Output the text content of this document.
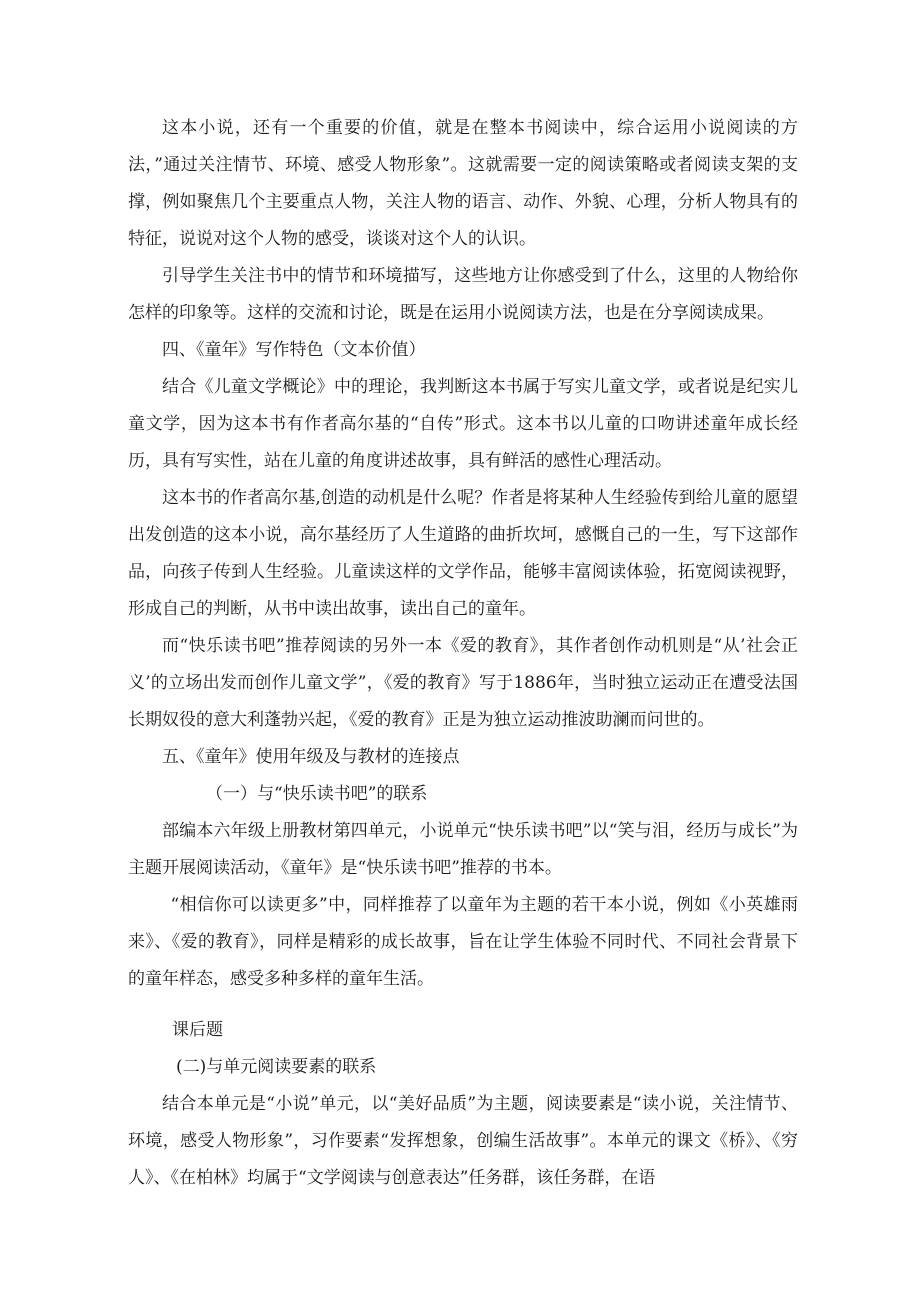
这本小说，还有一个重要的价值，就是在整本书阅读中，综合运用小说阅读的方法，”通过关注情节、环境、感受人物形象”。这就需要一定的阅读策略或者阅读支架的支撑，例如聚焦几个主要重点人物，关注人物的语言、动作、外貌、心理，分析人物具有的特征，说说对这个人物的感受，谈谈对这个人的认识。

引导学生关注书中的情节和环境描写，这些地方让你感受到了什么，这里的人物给你怎样的印象等。这样的交流和讨论，既是在运用小说阅读方法，也是在分享阅读成果。

四、《童年》写作特色（文本价值）

结合《儿童文学概论》中的理论，我判断这本书属于写实儿童文学，或者说是纪实儿童文学，因为这本书有作者高尔基的“自传”形式。这本书以儿童的口吻讲述童年成长经历，具有写实性，站在儿童的角度讲述故事，具有鲜活的感性心理活动。

这本书的作者高尔基,创造的动机是什么呢？作者是将某种人生经验传到给儿童的愿望出发创造的这本小说，高尔基经历了人生道路的曲折坎坷，感慨自己的一生，写下这部作品，向孩子传到人生经验。儿童读这样的文学作品，能够丰富阅读体验，拓宽阅读视野，形成自己的判断，从书中读出故事，读出自己的童年。

而“快乐读书吧”推荐阅读的另外一本《爱的教育》，其作者创作动机则是“从’社会正义’的立场出发而创作儿童文学”，《爱的教育》写于1886年，当时独立运动正在遭受法国长期奴役的意大利蓬勃兴起，《爱的教育》正是为独立运动推波助澜而问世的。

五、《童年》使用年级及与教材的连接点

（一）与“快乐读书吧”的联系

部编本六年级上册教材第四单元，小说单元“快乐读书吧”以“笑与泪，经历与成长”为主题开展阅读活动，《童年》是“快乐读书吧”推荐的书本。

“相信你可以读更多”中，同样推荐了以童年为主题的若干本小说，例如《小英雄雨来》、《爱的教育》，同样是精彩的成长故事，旨在让学生体验不同时代、不同社会背景下的童年样态，感受多种多样的童年生活。

课后题

(二)与单元阅读要素的联系

结合本单元是“小说”单元，以“美好品质”为主题，阅读要素是“读小说，关注情节、环境，感受人物形象”，习作要素“发挥想象，创编生活故事”。本单元的课文《桥》、《穷人》、《在柏林》均属于“文学阅读与创意表达”任务群，该任务群，在语
